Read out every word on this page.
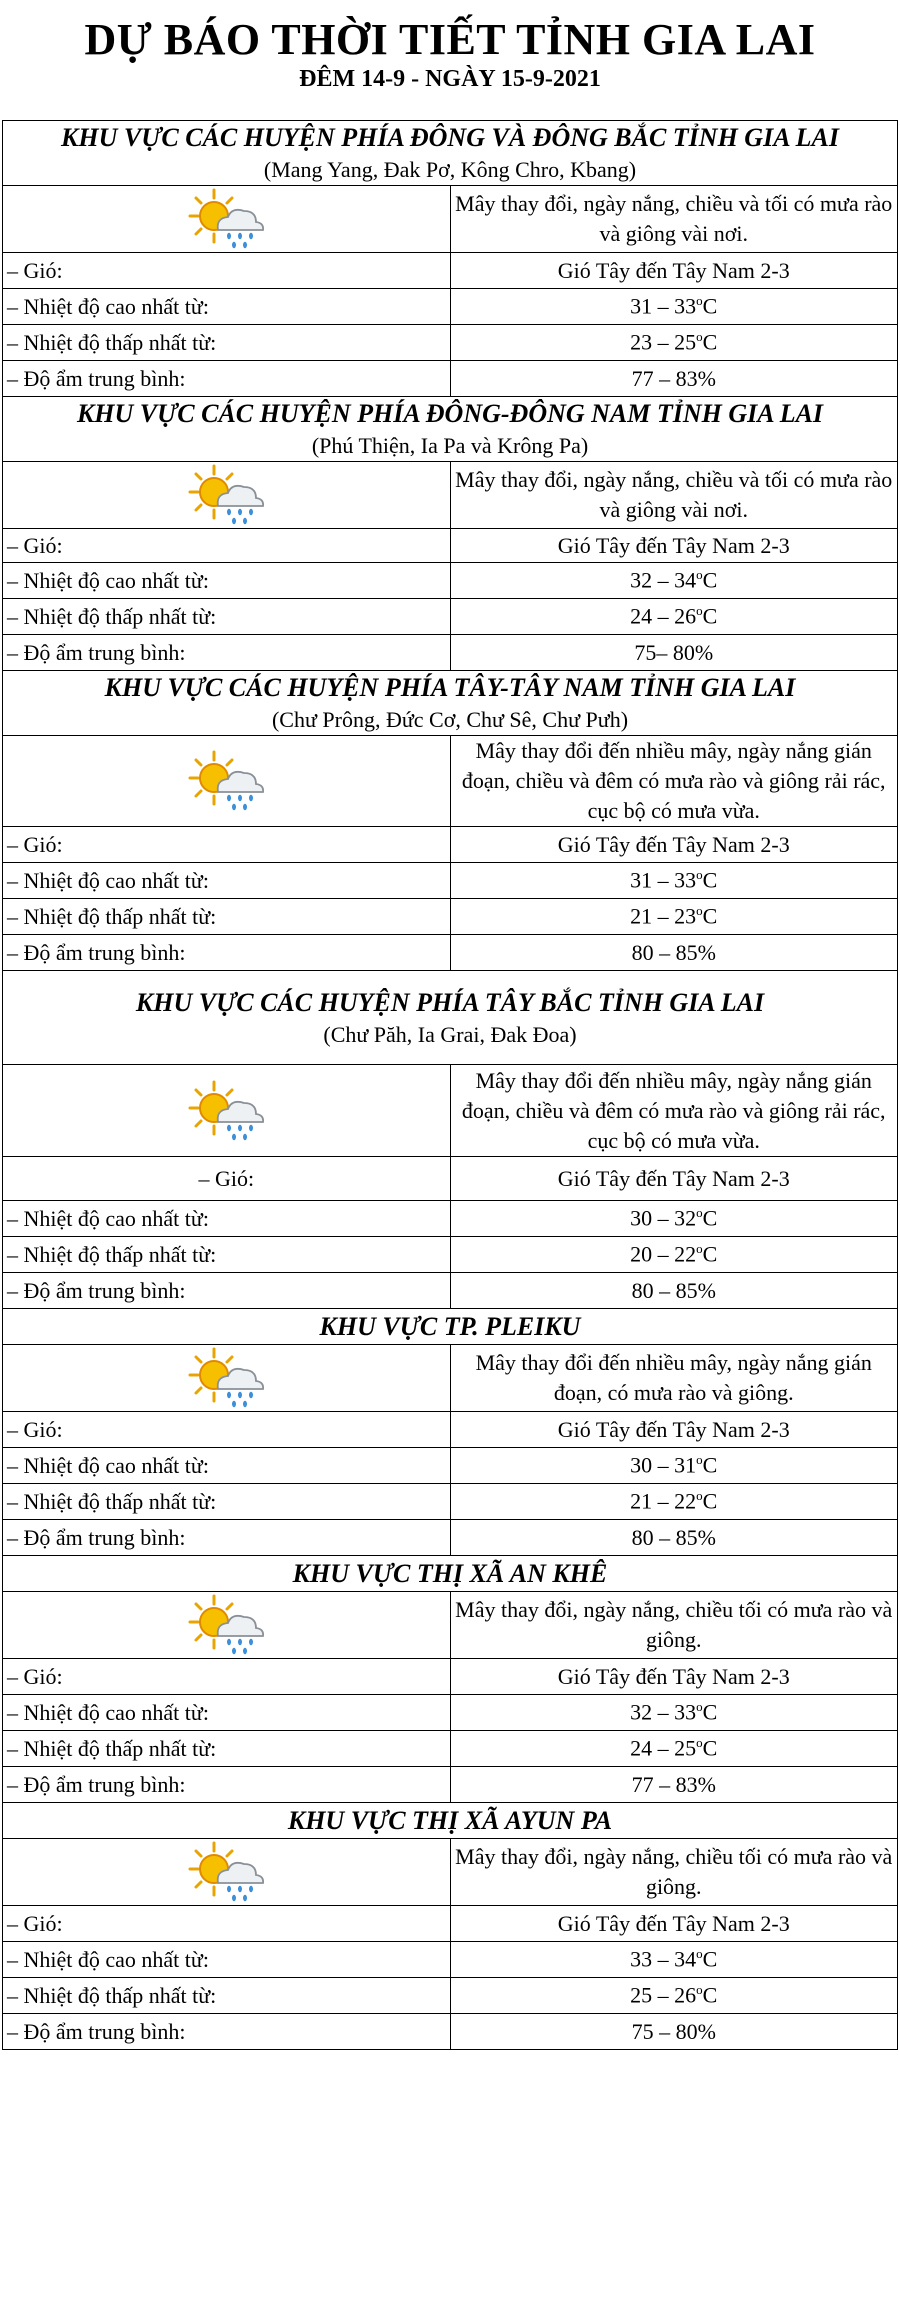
DỰ BÁO THỜI TIẾT TỈNH GIA LAI
ĐÊM 14-9 - NGÀY 15-9-2021
KHU VỰC CÁC HUYỆN PHÍA ĐÔNG VÀ ĐÔNG BẮC TỈNH GIA LAI
(Mang Yang, Đak Pơ, Kông Chro, Kbang)	

	Mây thay đổi, ngày nắng, chiều và tối có mưa rào và giông vài nơi.
– Gió:	Gió Tây đến Tây Nam 2-3
– Nhiệt độ cao nhất từ:	31 – 33$^o$C
– Nhiệt độ thấp nhất từ:	23 – 25$^o$C
– Độ ẩm trung bình:	77 – 83%

KHU VỰC CÁC HUYỆN PHÍA ĐÔNG-ĐÔNG NAM TỈNH GIA LAI
(Phú Thiện, Ia Pa và Krông Pa)	

	Mây thay đổi, ngày nắng, chiều và tối có mưa rào và giông vài nơi.
– Gió:	Gió Tây đến Tây Nam 2-3
– Nhiệt độ cao nhất từ:	32 – 34$^o$C
– Nhiệt độ thấp nhất từ:	24 – 26$^o$C
– Độ ẩm trung bình:	75– 80%

KHU VỰC CÁC HUYỆN PHÍA TÂY-TÂY NAM TỈNH GIA LAI
(Chư Prông, Đức Cơ, Chư Sê, Chư Pưh)	

	Mây thay đổi đến nhiều mây, ngày nắng gián đoạn, chiều và đêm có mưa rào và giông rải rác, cục bộ có mưa vừa.
– Gió:	Gió Tây đến Tây Nam 2-3
– Nhiệt độ cao nhất từ:	31 – 33$^o$C
– Nhiệt độ thấp nhất từ:	21 – 23$^o$C
– Độ ẩm trung bình:	80 – 85%

KHU VỰC CÁC HUYỆN PHÍA TÂY BẮC TỈNH GIA LAI
(Chư Păh, Ia Grai, Đak Đoa)	

	Mây thay đổi đến nhiều mây, ngày nắng gián đoạn, chiều và đêm có mưa rào và giông rải rác, cục bộ có mưa vừa.
– Gió:	Gió Tây đến Tây Nam 2-3
– Nhiệt độ cao nhất từ:	30 – 32$^o$C
– Nhiệt độ thấp nhất từ:	20 – 22$^o$C
– Độ ẩm trung bình:	80 – 85%

KHU VỰC TP. PLEIKU	

	Mây thay đổi đến nhiều mây, ngày nắng gián đoạn, có mưa rào và giông.
– Gió:	Gió Tây đến Tây Nam 2-3
– Nhiệt độ cao nhất từ:	30 – 31$^o$C
– Nhiệt độ thấp nhất từ:	21 – 22$^o$C
– Độ ẩm trung bình:	80 – 85%

KHU VỰC THỊ XÃ AN KHÊ	

	Mây thay đổi, ngày nắng, chiều tối có mưa rào và giông.
– Gió:	Gió Tây đến Tây Nam 2-3
– Nhiệt độ cao nhất từ:	32 – 33$^o$C
– Nhiệt độ thấp nhất từ:	24 – 25$^o$C
– Độ ẩm trung bình:	77 – 83%

KHU VỰC THỊ XÃ AYUN PA	

	Mây thay đổi, ngày nắng, chiều tối có mưa rào và giông.
– Gió:	Gió Tây đến Tây Nam 2-3
– Nhiệt độ cao nhất từ:	33 – 34$^o$C
– Nhiệt độ thấp nhất từ:	25 – 26$^o$C
– Độ ẩm trung bình:	75 – 80%
